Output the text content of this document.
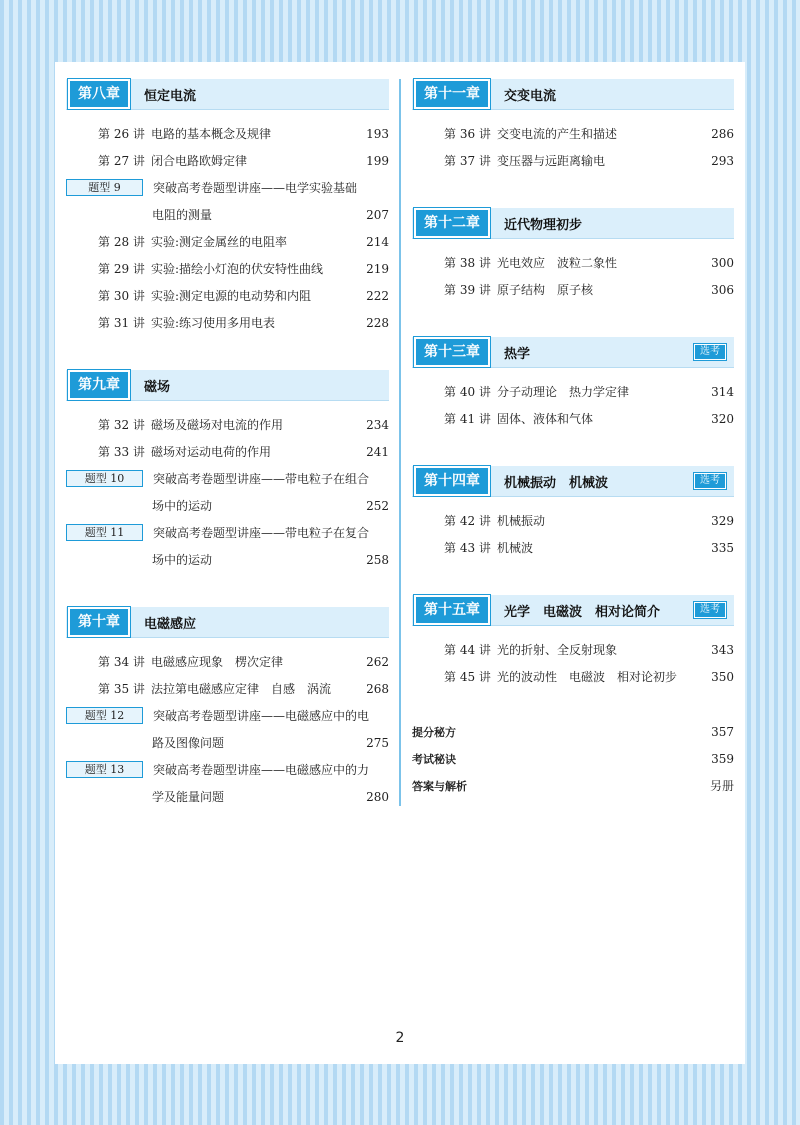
第八章	恒定电流
第 26 讲 电路的基本概念及规律	193
第 27 讲 闭合电路欧姆定律	199
题型 9	突破高考卷题型讲座——电学实验基础
电阻的测量	207
第 28 讲 实验:测定金属丝的电阻率	214
第 29 讲 实验:描绘小灯泡的伏安特性曲线	219
第 30 讲 实验:测定电源的电动势和内阻	222
第 31 讲 实验:练习使用多用电表	228
第九章	磁场
第 32 讲 磁场及磁场对电流的作用	234
第 33 讲 磁场对运动电荷的作用	241
题型 10	突破高考卷题型讲座——带电粒子在组合
场中的运动	252
题型 11	突破高考卷题型讲座——带电粒子在复合
场中的运动	258
第十章	电磁感应
第 34 讲 电磁感应现象　楞次定律	262
第 35 讲 法拉第电磁感应定律　自感　涡流	268
题型 12	突破高考卷题型讲座——电磁感应中的电
路及图像问题	275
题型 13	突破高考卷题型讲座——电磁感应中的力
学及能量问题	280
第十一章	交变电流
第 36 讲 交变电流的产生和描述	286
第 37 讲 变压器与远距离输电	293
第十二章	近代物理初步
第 38 讲 光电效应　波粒二象性	300
第 39 讲 原子结构　原子核	306
第十三章	热学	选考
第 40 讲 分子动理论　热力学定律	314
第 41 讲 固体、液体和气体	320
第十四章	机械振动　机械波	选考
第 42 讲 机械振动	329
第 43 讲 机械波	335
第十五章	光学　电磁波　相对论简介	选考
第 44 讲 光的折射、全反射现象	343
第 45 讲 光的波动性　电磁波　相对论初步	350
提分秘方	357
考试秘诀	359
答案与解析	另册
2
